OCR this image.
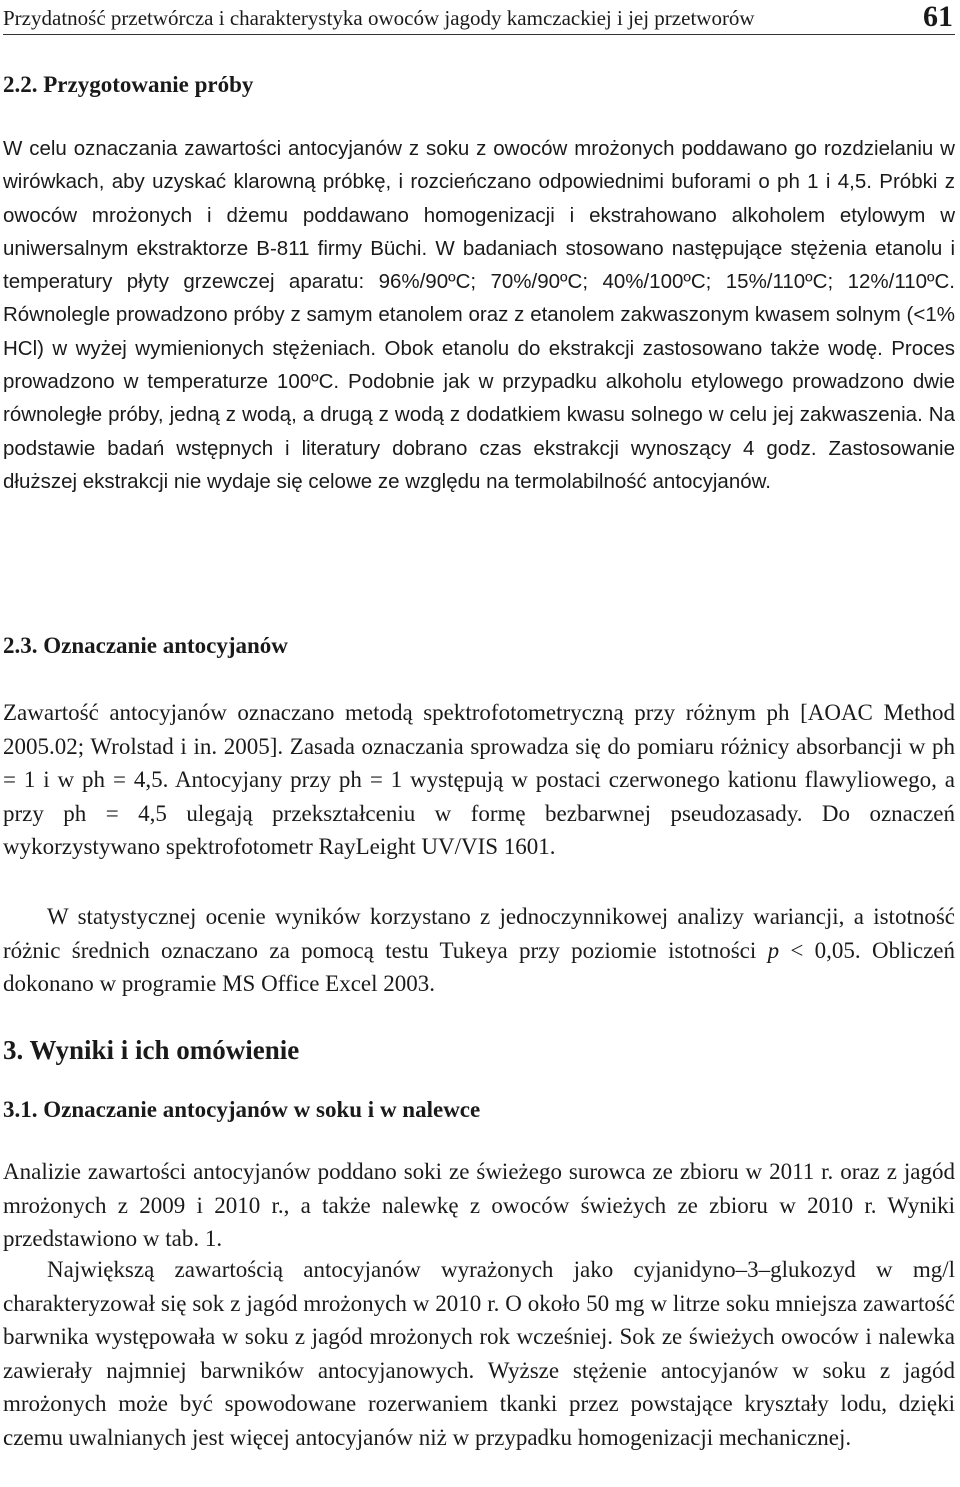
Przydatność przetwórcza i charakterystyka owoców jagody kamczackiej i jej przetworów	61
2.2. Przygotowanie próby

W celu oznaczania zawartości antocyjanów z soku z owoców mrożonych poddawano go rozdzielaniu w wirówkach, aby uzyskać klarowną próbkę, i rozcieńczano odpowiednimi buforami o ph 1 i 4,5. Próbki z owoców mrożonych i dżemu poddawano homogenizacji i ekstrahowano alkoholem etylowym w uniwersalnym ekstraktorze B-811 firmy Büchi. W badaniach stosowano następujące stężenia etanolu i temperatury płyty grzewczej aparatu: 96%/90ºC; 70%/90ºC; 40%/100ºC; 15%/110ºC; 12%/110ºC. Równolegle prowadzono próby z samym etanolem oraz z etanolem zakwaszonym kwasem solnym (<1% HCl) w wyżej wymienionych stężeniach. Obok etanolu do ekstrakcji zastosowano także wodę. Proces prowadzono w temperaturze 100ºC. Podobnie jak w przypadku alkoholu etylowego prowadzono dwie równoległe próby, jedną z wodą, a drugą z wodą z dodatkiem kwasu solnego w celu jej zakwaszenia. Na podstawie badań wstępnych i literatury dobrano czas ekstrakcji wynoszący 4 godz. Zastosowanie dłuższej ekstrakcji nie wydaje się celowe ze względu na termolabilność antocyjanów.

2.3. Oznaczanie antocyjanów

Zawartość antocyjanów oznaczano metodą spektrofotometryczną przy różnym ph [AOAC Method 2005.02; Wrolstad i in. 2005]. Zasada oznaczania sprowadza się do pomiaru różnicy absorbancji w ph = 1 i w ph = 4,5. Antocyjany przy ph = 1 występują w postaci czerwonego kationu flawyliowego, a przy ph = 4,5 ulegają przekształceniu w formę bezbarwnej pseudozasady. Do oznaczeń wykorzystywano spektrofotometr RayLeight UV/VIS 1601.

W statystycznej ocenie wyników korzystano z jednoczynnikowej analizy wariancji, a istotność różnic średnich oznaczano za pomocą testu Tukeya przy poziomie istotności p < 0,05. Obliczeń dokonano w programie MS Office Excel 2003.

3. Wyniki i ich omówienie
3.1. Oznaczanie antocyjanów w soku i w nalewce

Analizie zawartości antocyjanów poddano soki ze świeżego surowca ze zbioru w 2011 r. oraz z jagód mrożonych z 2009 i 2010 r., a także nalewkę z owoców świeżych ze zbioru w 2010 r. Wyniki przedstawiono w tab. 1.

Największą zawartością antocyjanów wyrażonych jako cyjanidyno–3–glukozyd w mg/l charakteryzował się sok z jagód mrożonych w 2010 r. O około 50 mg w litrze soku mniejsza zawartość barwnika występowała w soku z jagód mrożonych rok wcześniej. Sok ze świeżych owoców i nalewka zawierały najmniej barwników antocyjanowych. Wyższe stężenie antocyjanów w soku z jagód mrożonych może być spowodowane rozerwaniem tkanki przez powstające kryształy lodu, dzięki czemu uwalnianych jest więcej antocyjanów niż w przypadku homogenizacji mechanicznej.
